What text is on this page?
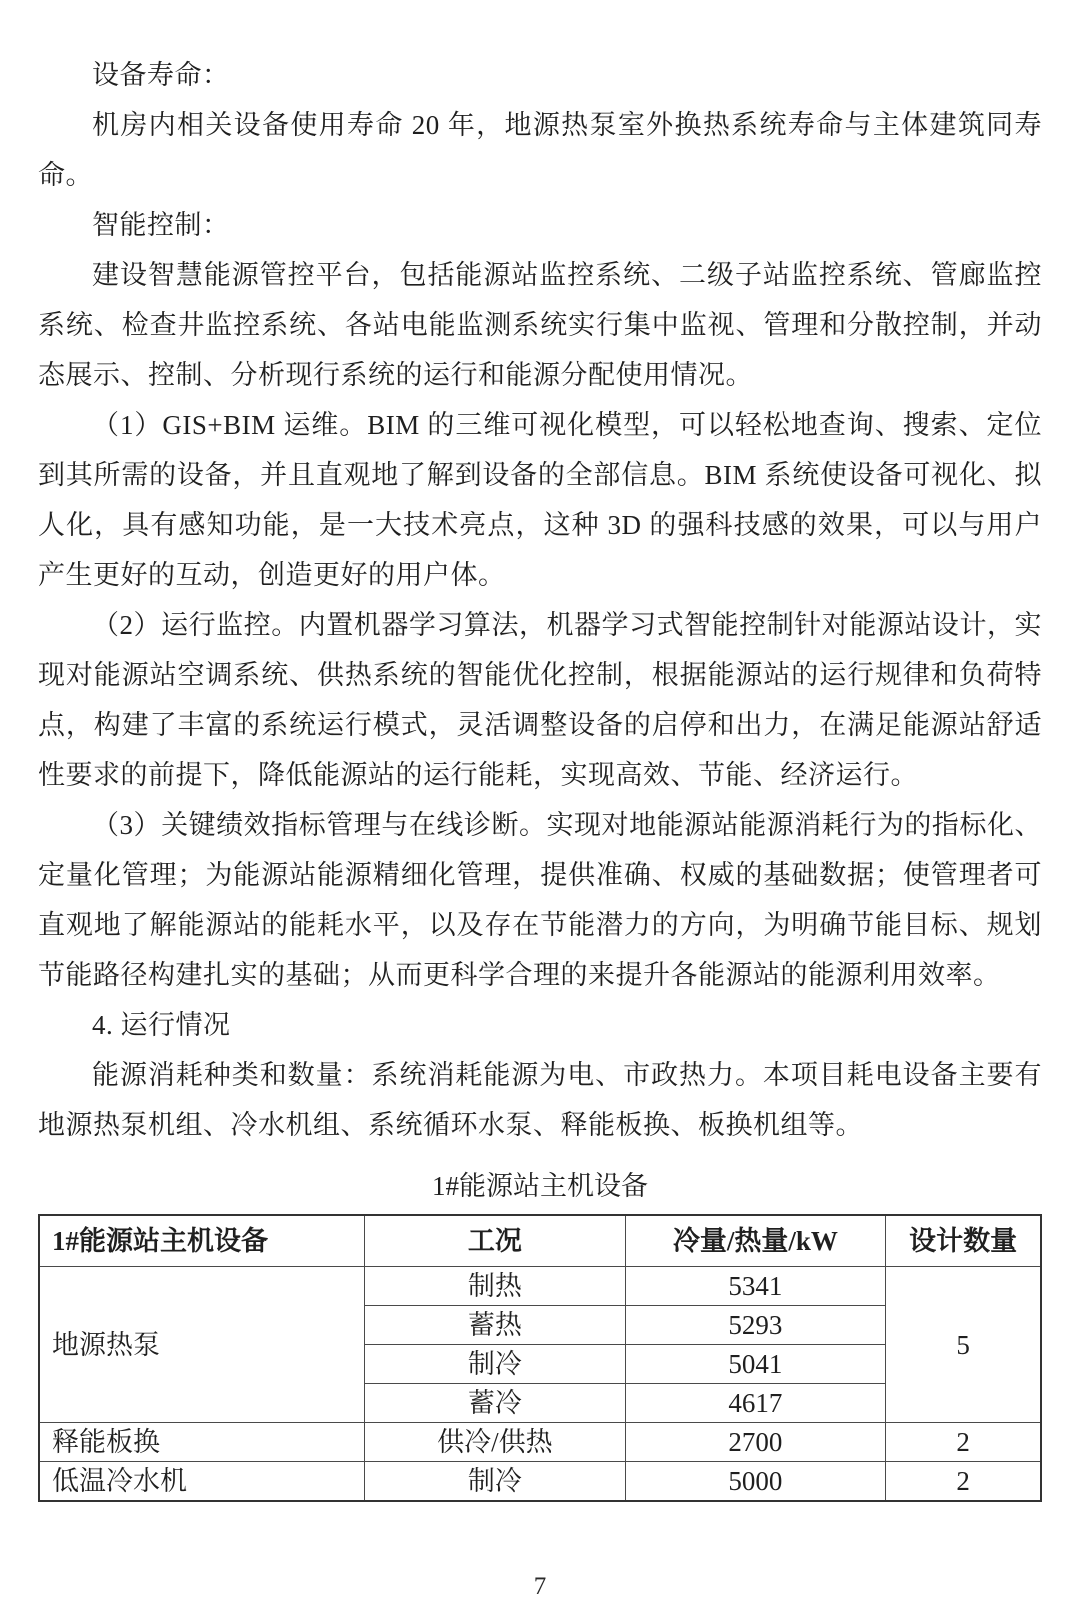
设备寿命：

机房内相关设备使用寿命 20 年，地源热泵室外换热系统寿命与主体建筑同寿命。

智能控制：

建设智慧能源管控平台，包括能源站监控系统、二级子站监控系统、管廊监控系统、检查井监控系统、各站电能监测系统实行集中监视、管理和分散控制，并动态展示、控制、分析现行系统的运行和能源分配使用情况。

（1）GIS+BIM 运维。BIM 的三维可视化模型，可以轻松地查询、搜索、定位到其所需的设备，并且直观地了解到设备的全部信息。BIM 系统使设备可视化、拟人化，具有感知功能，是一大技术亮点，这种 3D 的强科技感的效果，可以与用户产生更好的互动，创造更好的用户体。

（2）运行监控。内置机器学习算法，机器学习式智能控制针对能源站设计，实现对能源站空调系统、供热系统的智能优化控制，根据能源站的运行规律和负荷特点，构建了丰富的系统运行模式，灵活调整设备的启停和出力，在满足能源站舒适性要求的前提下，降低能源站的运行能耗，实现高效、节能、经济运行。

（3）关键绩效指标管理与在线诊断。实现对地能源站能源消耗行为的指标化、定量化管理；为能源站能源精细化管理，提供准确、权威的基础数据；使管理者可直观地了解能源站的能耗水平，以及存在节能潜力的方向，为明确节能目标、规划节能路径构建扎实的基础；从而更科学合理的来提升各能源站的能源利用效率。

4. 运行情况

能源消耗种类和数量：系统消耗能源为电、市政热力。本项目耗电设备主要有地源热泵机组、冷水机组、系统循环水泵、释能板换、板换机组等。

1#能源站主机设备
1#能源站主机设备	工况	冷量/热量/kW	设计数量
地源热泵	制热	5341	5
	蓄热	5293	
	制冷	5041	
	蓄冷	4617	
释能板换	供冷/供热	2700	2
低温冷水机	制冷	5000	2
7
